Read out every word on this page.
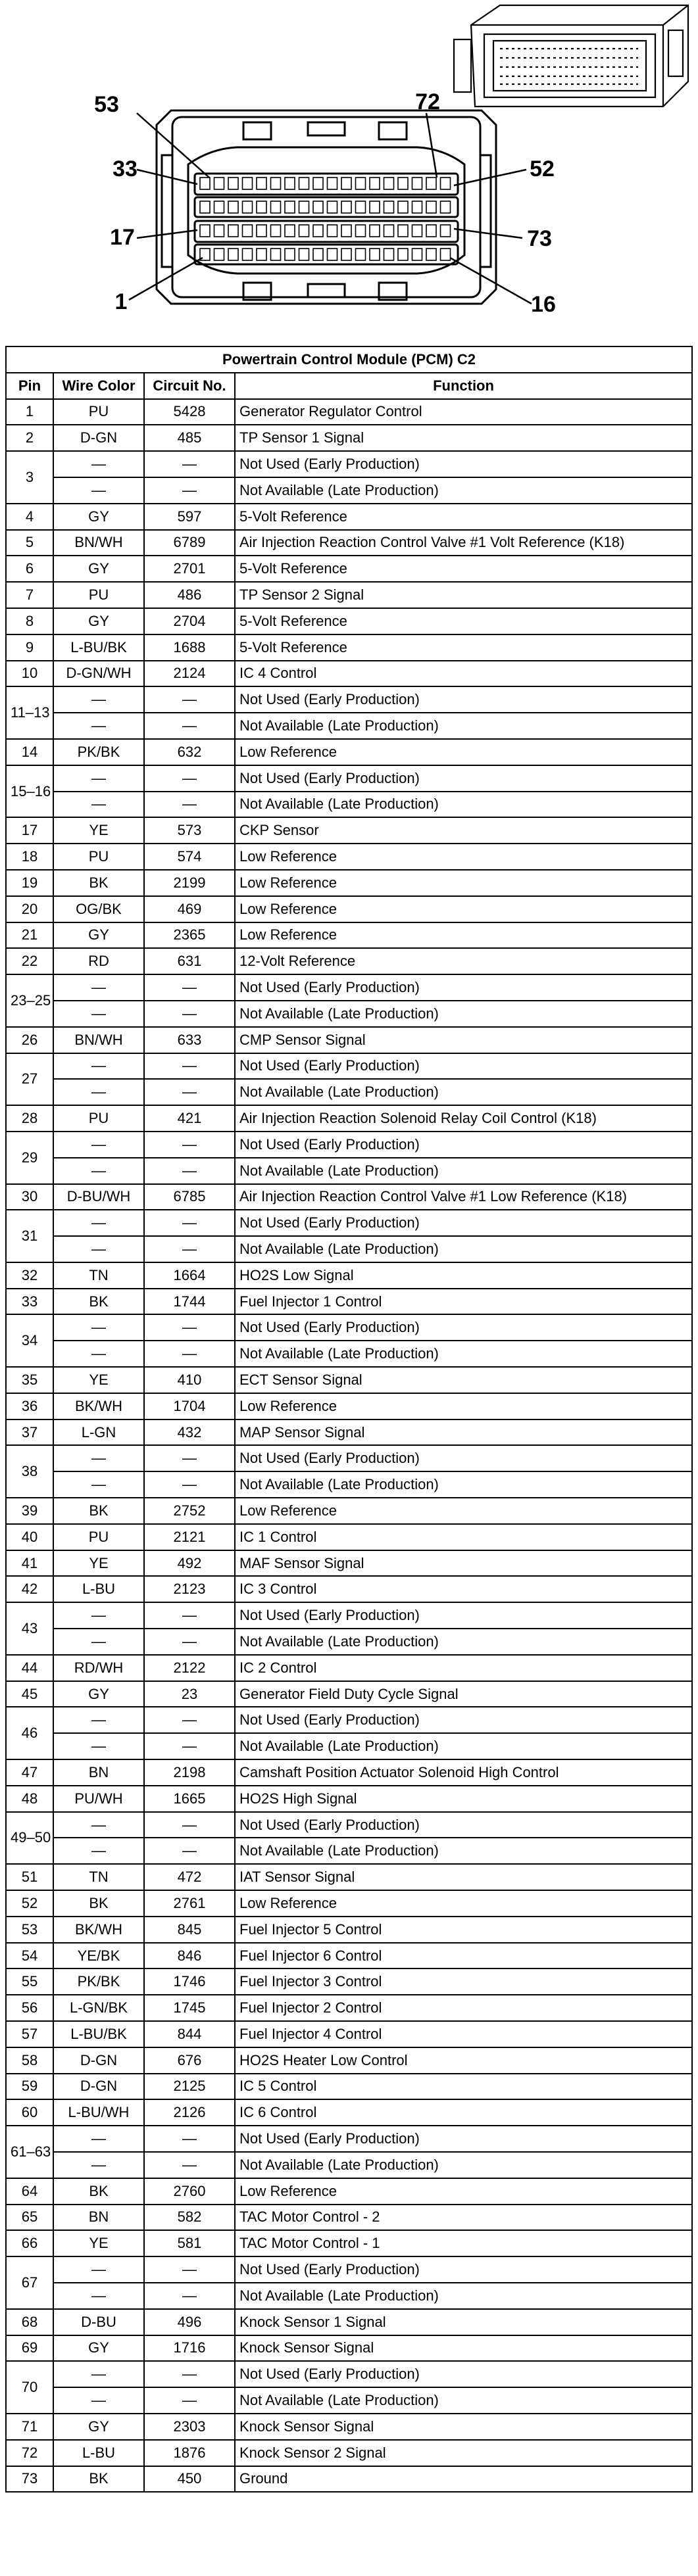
53
33
17
1
72
52
73
16
Powertrain Control Module (PCM) C2			
Pin	Wire Color	Circuit No.	Function
1	PU	5428	Generator Regulator Control
2	D-GN	485	TP Sensor 1 Signal
3	—	—	Not Used (Early Production)
	—	—	Not Available (Late Production)
4	GY	597	5-Volt Reference
5	BN/WH	6789	Air Injection Reaction Control Valve #1 Volt Reference (K18)
6	GY	2701	5-Volt Reference
7	PU	486	TP Sensor 2 Signal
8	GY	2704	5-Volt Reference
9	L-BU/BK	1688	5-Volt Reference
10	D-GN/WH	2124	IC 4 Control
11–13	—	—	Not Used (Early Production)
	—	—	Not Available (Late Production)
14	PK/BK	632	Low Reference
15–16	—	—	Not Used (Early Production)
	—	—	Not Available (Late Production)
17	YE	573	CKP Sensor
18	PU	574	Low Reference
19	BK	2199	Low Reference
20	OG/BK	469	Low Reference
21	GY	2365	Low Reference
22	RD	631	12-Volt Reference
23–25	—	—	Not Used (Early Production)
	—	—	Not Available (Late Production)
26	BN/WH	633	CMP Sensor Signal
27	—	—	Not Used (Early Production)
	—	—	Not Available (Late Production)
28	PU	421	Air Injection Reaction Solenoid Relay Coil Control (K18)
29	—	—	Not Used (Early Production)
	—	—	Not Available (Late Production)
30	D-BU/WH	6785	Air Injection Reaction Control Valve #1 Low Reference (K18)
31	—	—	Not Used (Early Production)
	—	—	Not Available (Late Production)
32	TN	1664	HO2S Low Signal
33	BK	1744	Fuel Injector 1 Control
34	—	—	Not Used (Early Production)
	—	—	Not Available (Late Production)
35	YE	410	ECT Sensor Signal
36	BK/WH	1704	Low Reference
37	L-GN	432	MAP Sensor Signal
38	—	—	Not Used (Early Production)
	—	—	Not Available (Late Production)
39	BK	2752	Low Reference
40	PU	2121	IC 1 Control
41	YE	492	MAF Sensor Signal
42	L-BU	2123	IC 3 Control
43	—	—	Not Used (Early Production)
	—	—	Not Available (Late Production)
44	RD/WH	2122	IC 2 Control
45	GY	23	Generator Field Duty Cycle Signal
46	—	—	Not Used (Early Production)
	—	—	Not Available (Late Production)
47	BN	2198	Camshaft Position Actuator Solenoid High Control
48	PU/WH	1665	HO2S High Signal
49–50	—	—	Not Used (Early Production)
	—	—	Not Available (Late Production)
51	TN	472	IAT Sensor Signal
52	BK	2761	Low Reference
53	BK/WH	845	Fuel Injector 5 Control
54	YE/BK	846	Fuel Injector 6 Control
55	PK/BK	1746	Fuel Injector 3 Control
56	L-GN/BK	1745	Fuel Injector 2 Control
57	L-BU/BK	844	Fuel Injector 4 Control
58	D-GN	676	HO2S Heater Low Control
59	D-GN	2125	IC 5 Control
60	L-BU/WH	2126	IC 6 Control
61–63	—	—	Not Used (Early Production)
	—	—	Not Available (Late Production)
64	BK	2760	Low Reference
65	BN	582	TAC Motor Control - 2
66	YE	581	TAC Motor Control - 1
67	—	—	Not Used (Early Production)
	—	—	Not Available (Late Production)
68	D-BU	496	Knock Sensor 1 Signal
69	GY	1716	Knock Sensor Signal
70	—	—	Not Used (Early Production)
	—	—	Not Available (Late Production)
71	GY	2303	Knock Sensor Signal
72	L-BU	1876	Knock Sensor 2 Signal
73	BK	450	Ground
